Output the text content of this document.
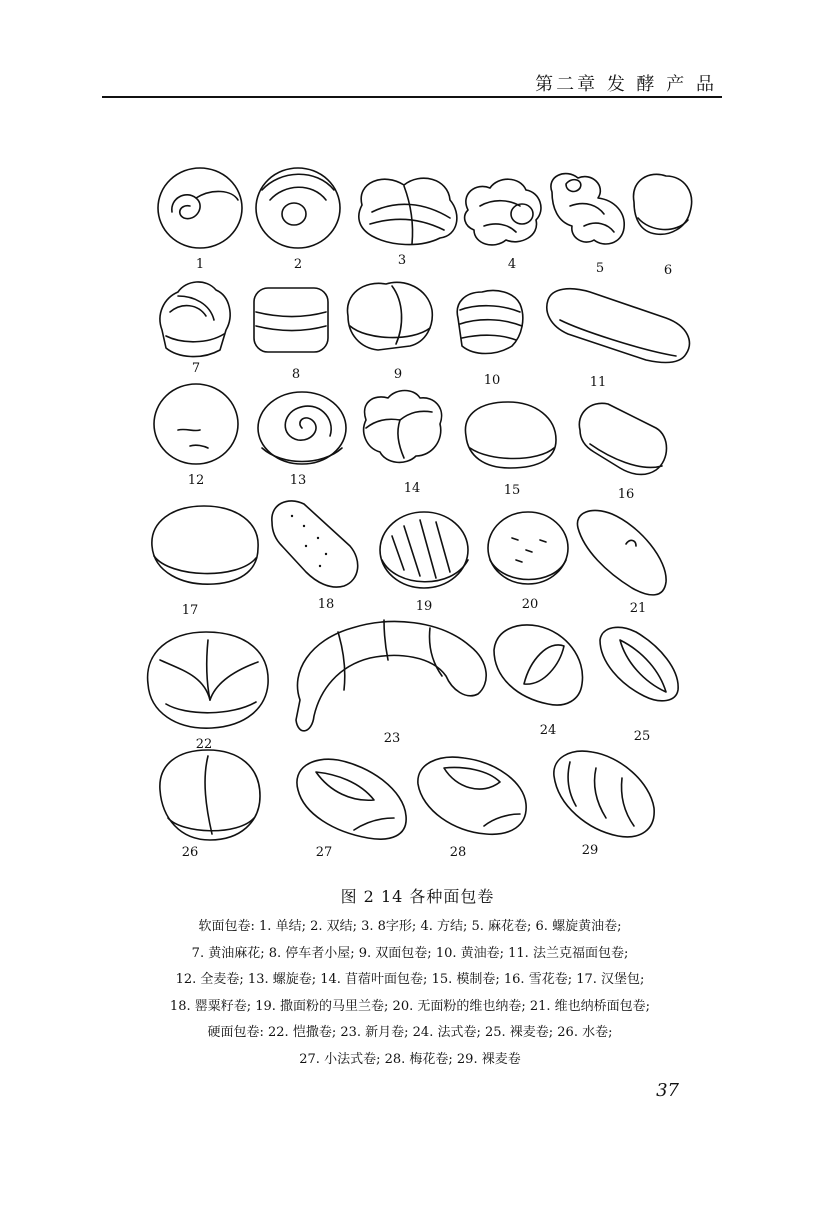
第二章 发 酵 产 品
1	2	3	4	5	6
7	8	9	10	11
12	13
14	15	16
17	18	19	20	21
22	23
24	25
26	27	28	29
图 2 14 各种面包卷
软面包卷: 1. 单结; 2. 双结; 3. 8字形; 4. 方结; 5. 麻花卷; 6. 螺旋黄油卷;
7. 黄油麻花; 8. 停车者小屋; 9. 双面包卷; 10. 黄油卷; 11. 法兰克福面包卷;
12. 全麦卷; 13. 螺旋卷; 14. 苜蓿叶面包卷; 15. 模制卷; 16. 雪花卷; 17. 汉堡包;
18. 罂粟籽卷; 19. 撒面粉的马里兰卷; 20. 无面粉的维也纳卷; 21. 维也纳桥面包卷;
硬面包卷: 22. 恺撒卷; 23. 新月卷; 24. 法式卷; 25. 裸麦卷; 26. 水卷;
27. 小法式卷; 28. 梅花卷; 29. 裸麦卷
37
